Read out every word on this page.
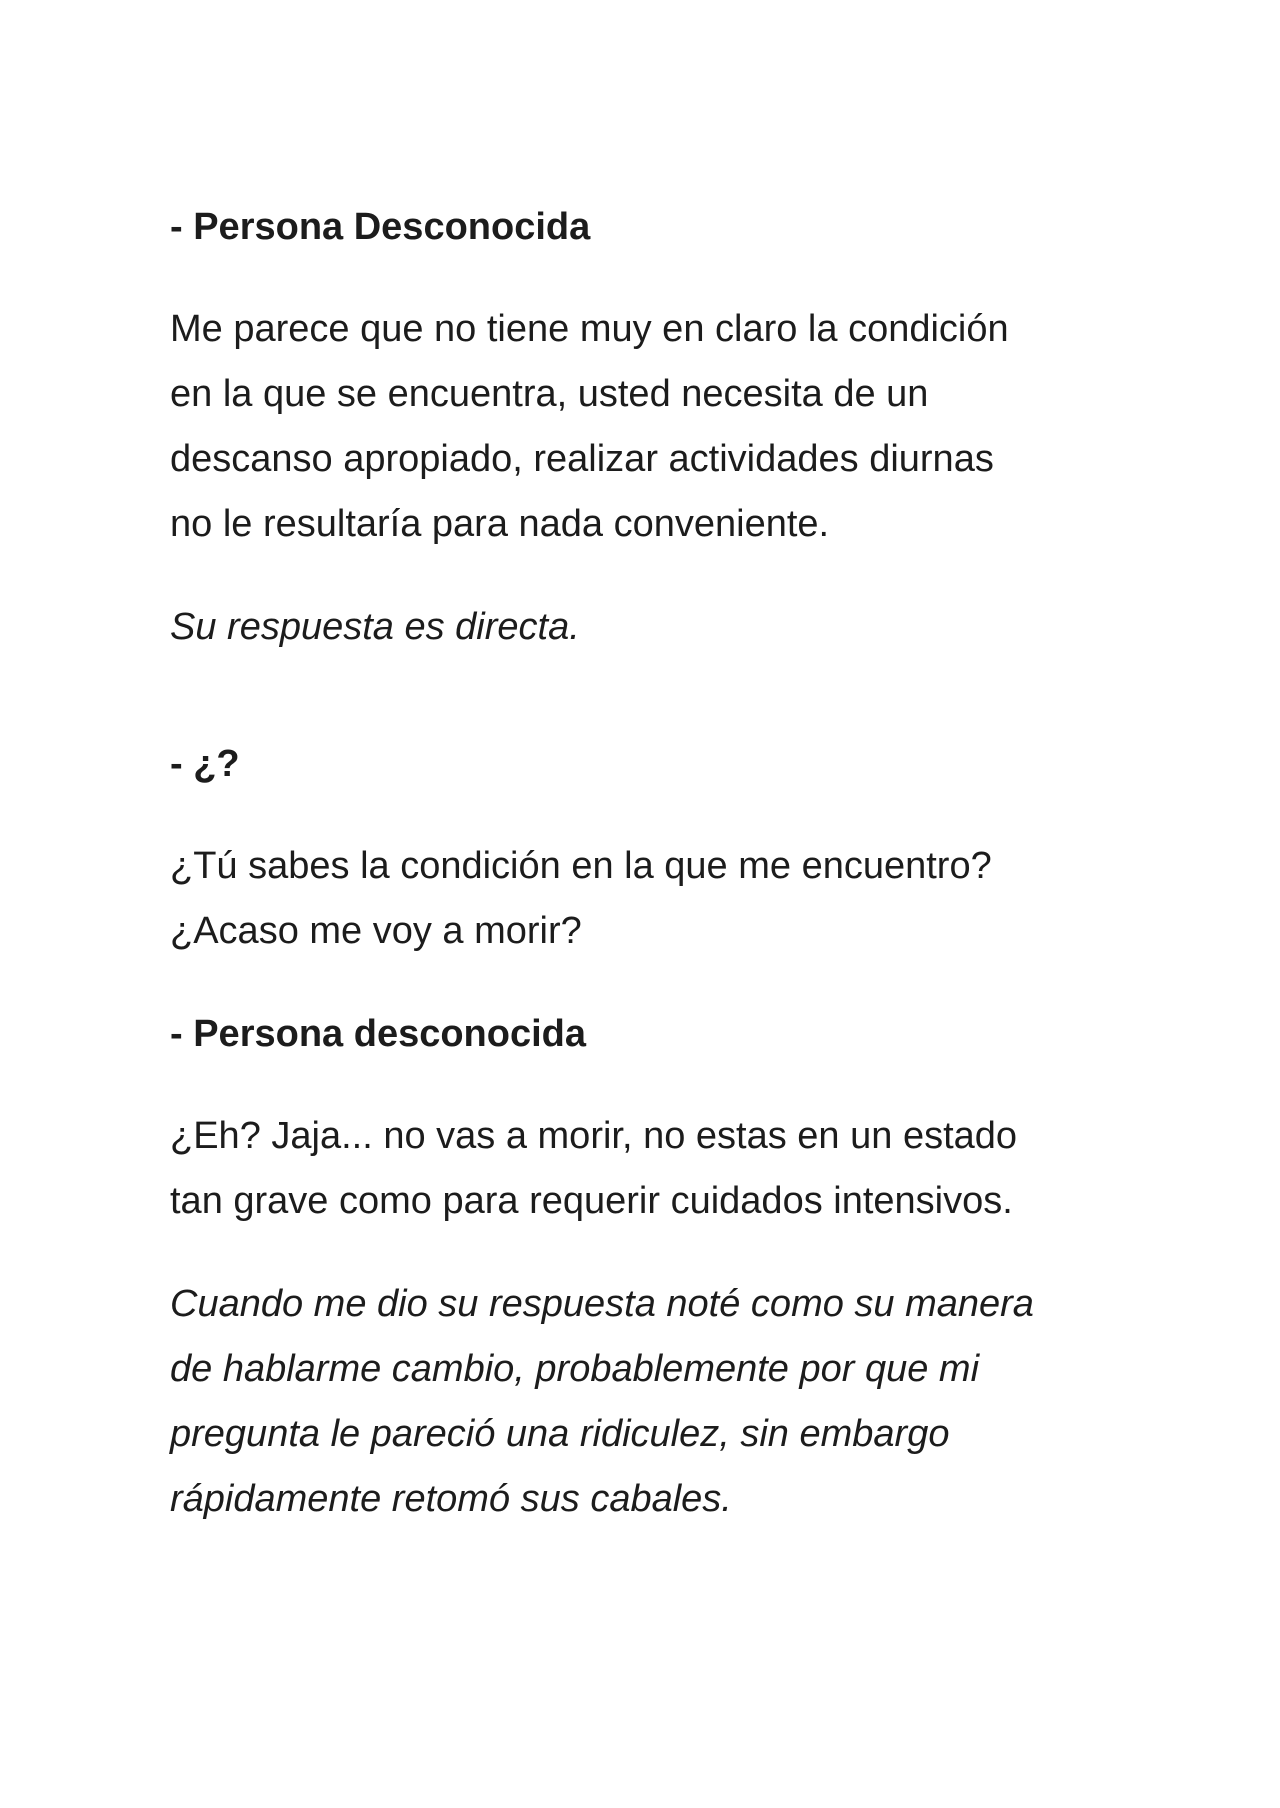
- Persona Desconocida
Me parece que no tiene muy en claro la condición
en la que se encuentra, usted necesita de un
descanso apropiado, realizar actividades diurnas
no le resultaría para nada conveniente.
Su respuesta es directa.
- ¿?
¿Tú sabes la condición en la que me encuentro?
¿Acaso me voy a morir?
- Persona desconocida
¿Eh? Jaja... no vas a morir, no estas en un estado
tan grave como para requerir cuidados intensivos.
Cuando me dio su respuesta noté como su manera
de hablarme cambio, probablemente por que mi
pregunta le pareció una ridiculez, sin embargo
rápidamente retomó sus cabales.
